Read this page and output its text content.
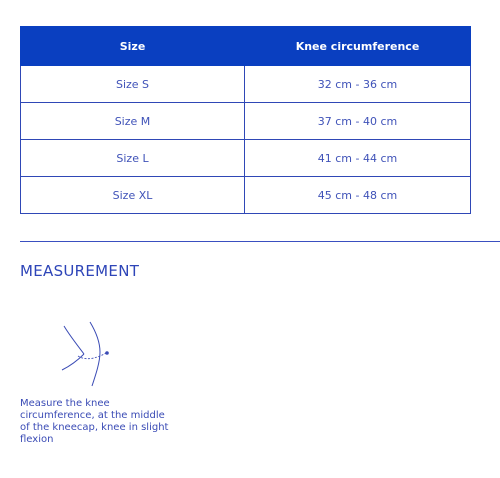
Size	Knee circumference
Size S	32 cm - 36 cm
Size M	37 cm - 40 cm
Size L	41 cm - 44 cm
Size XL	45 cm - 48 cm
MEASUREMENT

Measure the knee circumference, at the middle of the kneecap, knee in slight flexion
